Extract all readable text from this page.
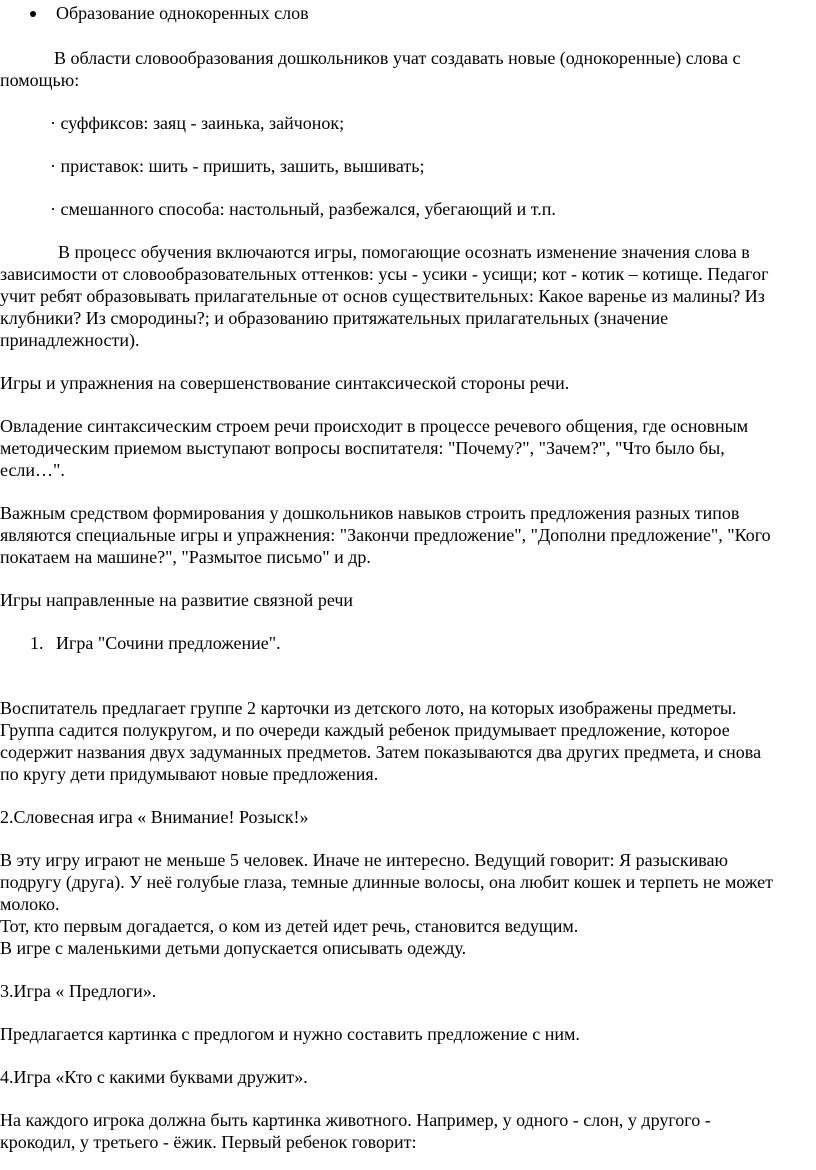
Образование однокоренных слов
В области словообразования дошкольников учат создавать новые (однокоренные) слова с
помощью:
· суффиксов: заяц - заинька, зайчонок;
· приставок: шить - пришить, зашить, вышивать;
· смешанного способа: настольный, разбежался, убегающий и т.п.
В процесс обучения включаются игры, помогающие осознать изменение значения слова в
зависимости от словообразовательных оттенков: усы - усики - усищи; кот - котик – котище. Педагог
учит ребят образовывать прилагательные от основ существительных: Какое варенье из малины? Из
клубники? Из смородины?; и образованию притяжательных прилагательных (значение
принадлежности).
Игры и упражнения на совершенствование синтаксической стороны речи.
Овладение синтаксическим строем речи происходит в процессе речевого общения, где основным
методическим приемом выступают вопросы воспитателя: "Почему?", "Зачем?", "Что было бы,
если…".
Важным средством формирования у дошкольников навыков строить предложения разных типов
являются специальные игры и упражнения: "Закончи предложение", "Дополни предложение", "Кого
покатаем на машине?", "Размытое письмо" и др.
Игры направленные на развитие связной речи
1. Игра "Сочини предложение".
Воспитатель предлагает группе 2 карточки из детского лото, на которых изображены предметы.
Группа садится полукругом, и по очереди каждый ребенок придумывает предложение, которое
содержит названия двух задуманных предметов. Затем показываются два других предмета, и снова
по кругу дети придумывают новые предложения.
2.Словесная игра « Внимание! Розыск!»
В эту игру играют не меньше 5 человек. Иначе не интересно. Ведущий говорит: Я разыскиваю
подругу (друга). У неё голубые глаза, темные длинные волосы, она любит кошек и терпеть не может
молоко.
Тот, кто первым догадается, о ком из детей идет речь, становится ведущим.
В игре с маленькими детьми допускается описывать одежду.
3.Игра « Предлоги».
Предлагается картинка с предлогом и нужно составить предложение с ним.
4.Игра «Кто с какими буквами дружит».
На каждого игрока должна быть картинка животного. Например, у одного - слон, у другого -
крокодил, у третьего - ёжик. Первый ребенок говорит:
